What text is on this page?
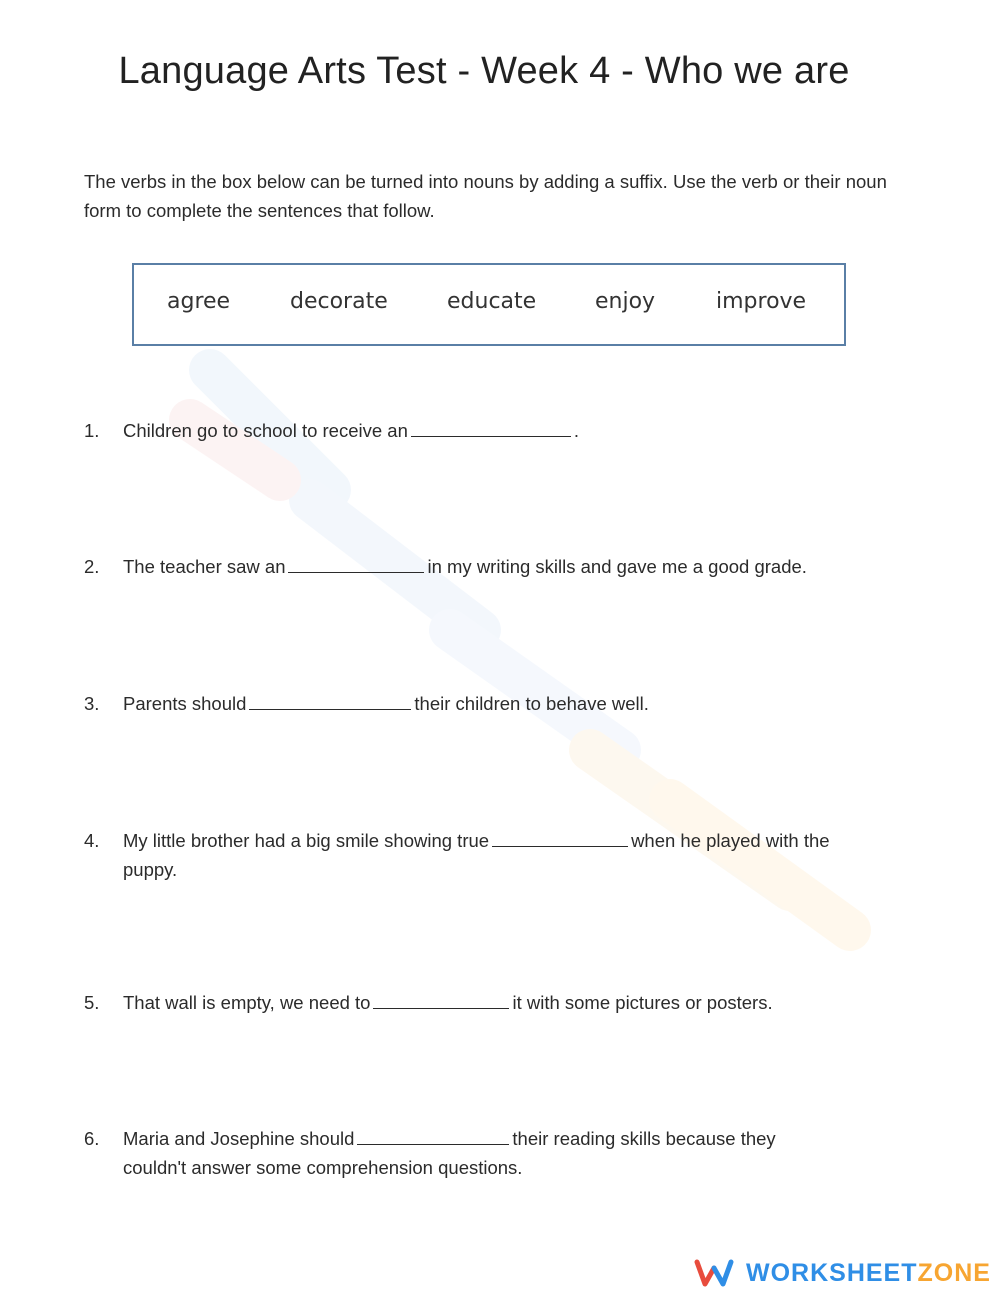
Language Arts Test - Week 4 - Who we are
The verbs in the box below can be turned into nouns by adding a suffix. Use the verb or their noun form to complete the sentences that follow.
agree	decorate	educate	enjoy	improve
1. Children go to school to receive an	.
2. The teacher saw an	in my writing skills and gave me a good grade.
3. Parents should	their children to behave well.
4. My little brother had a big smile showing true	when he played with the puppy.
5. That wall is empty, we need to	it with some pictures or posters.
6. Maria and Josephine should	their reading skills because they couldn't answer some comprehension questions.
WORKSHEETZONE
